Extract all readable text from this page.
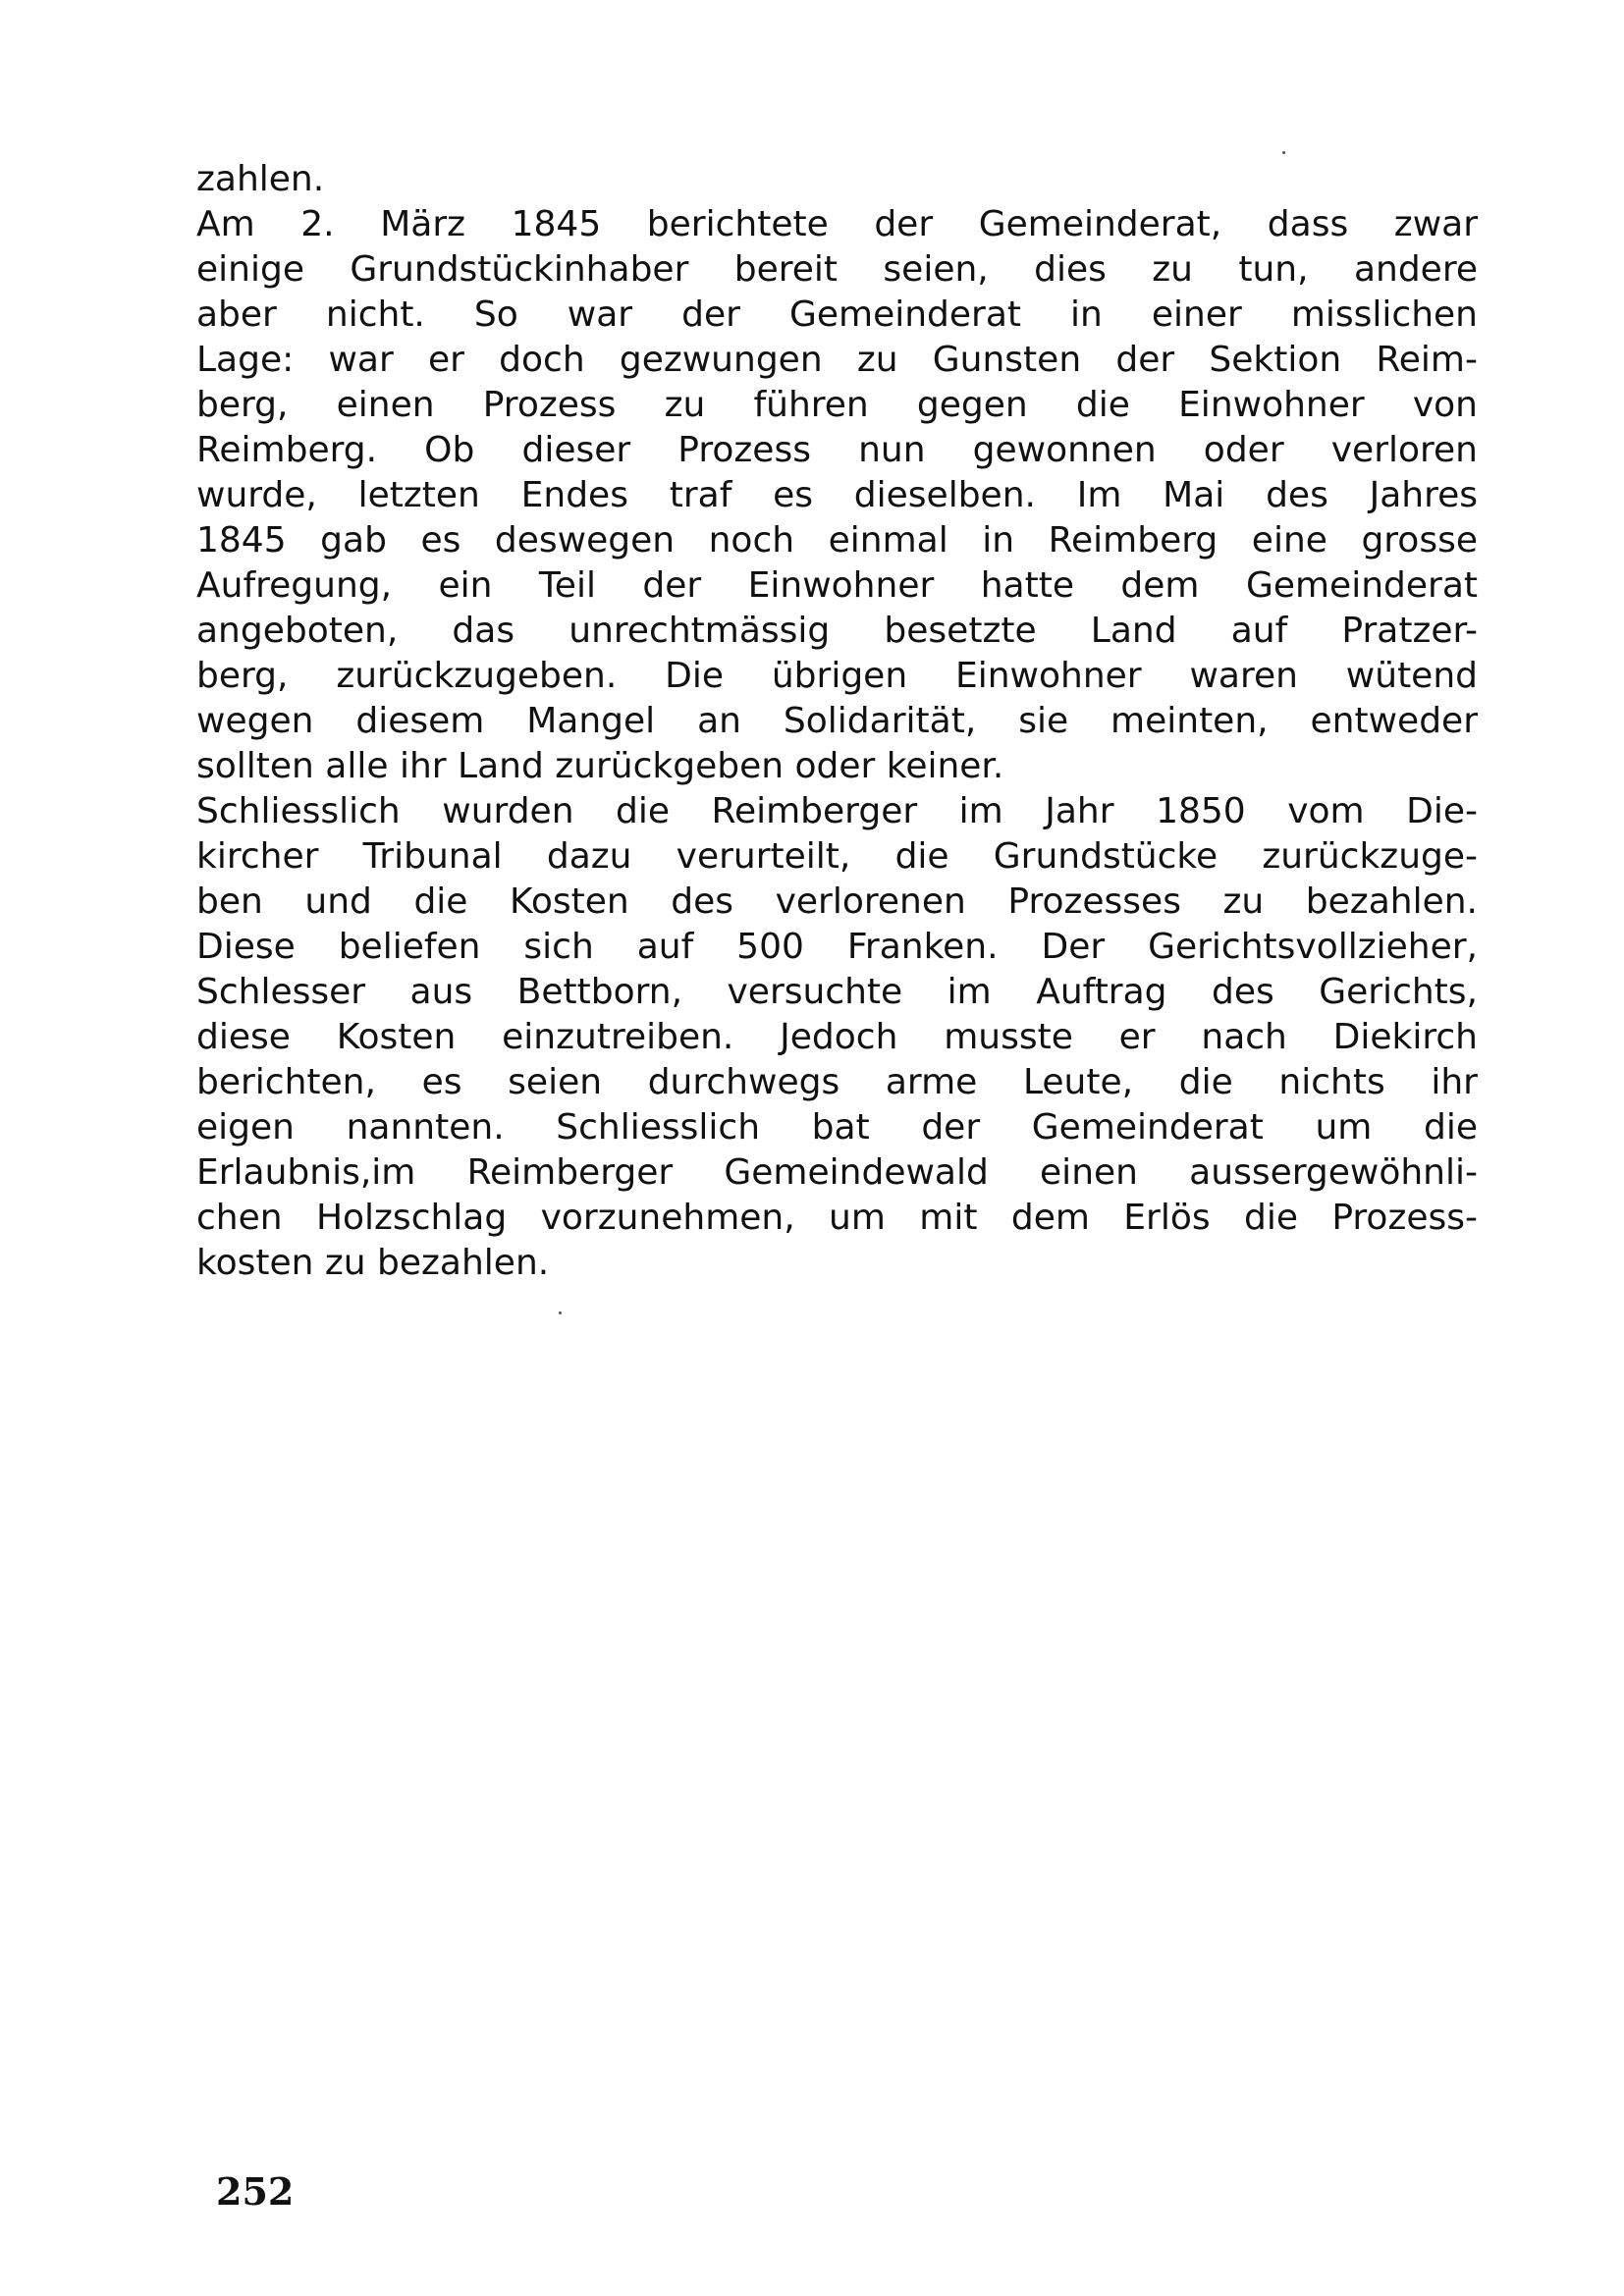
zahlen.
Am 2. März 1845 berichtete der Gemeinderat, dass zwar
einige Grundstückinhaber bereit seien, dies zu tun, andere
aber nicht. So war der Gemeinderat in einer misslichen
Lage: war er doch gezwungen zu Gunsten der Sektion Reim-
berg, einen Prozess zu führen gegen die Einwohner von
Reimberg. Ob dieser Prozess nun gewonnen oder verloren
wurde, letzten Endes traf es dieselben. Im Mai des Jahres
1845 gab es deswegen noch einmal in Reimberg eine grosse
Aufregung, ein Teil der Einwohner hatte dem Gemeinderat
angeboten, das unrechtmässig besetzte Land auf Pratzer-
berg, zurückzugeben. Die übrigen Einwohner waren wütend
wegen diesem Mangel an Solidarität, sie meinten, entweder
sollten alle ihr Land zurückgeben oder keiner.
Schliesslich wurden die Reimberger im Jahr 1850 vom Die-
kircher Tribunal dazu verurteilt, die Grundstücke zurückzuge-
ben und die Kosten des verlorenen Prozesses zu bezahlen.
Diese beliefen sich auf 500 Franken. Der Gerichtsvollzieher,
Schlesser aus Bettborn, versuchte im Auftrag des Gerichts,
diese Kosten einzutreiben. Jedoch musste er nach Diekirch
berichten, es seien durchwegs arme Leute, die nichts ihr
eigen nannten. Schliesslich bat der Gemeinderat um die
Erlaubnis,im Reimberger Gemeindewald einen aussergewöhnli-
chen Holzschlag vorzunehmen, um mit dem Erlös die Prozess-
kosten zu bezahlen.
252
